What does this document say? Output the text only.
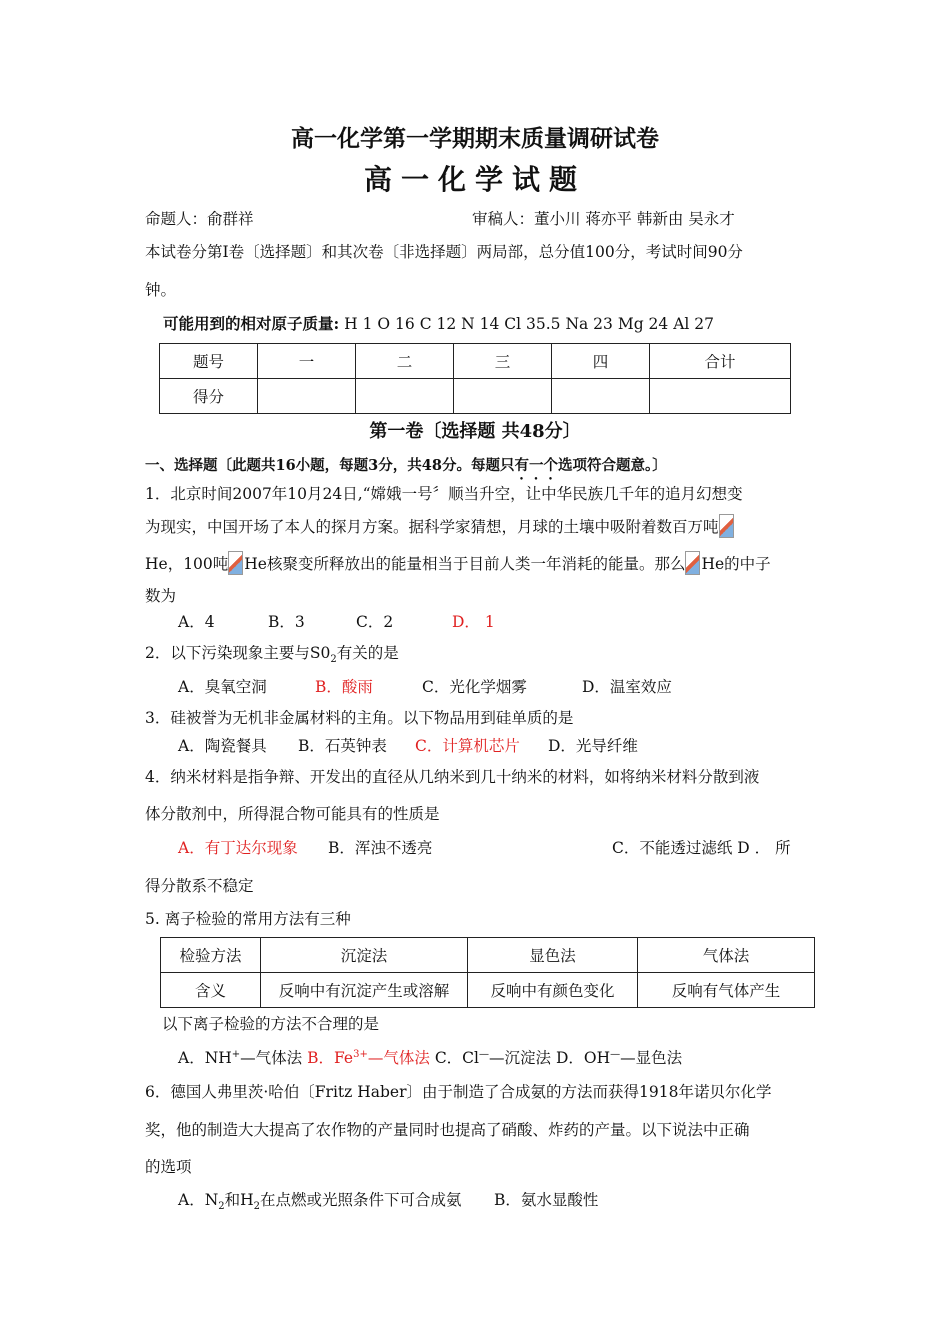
高一化学第一学期期末质量调研试卷
高一化学试题
命题人：俞群祥	审稿人：董小川 蒋亦平 韩新由 吴永才
本试卷分第I卷〔选择题〕和其次卷〔非选择题〕两局部，总分值100分，考试时间90分
钟。
可能用到的相对原子质量: H 1 O 16 C 12 N 14 Cl 35.5 Na 23 Mg 24 Al 27
题号	一	二	三	四	合计
得分					
第一卷〔选择题 共48分〕
一、选择题〔此题共16小题，每题3分，共48分。每题只有一个选项符合题意。〕
1．北京时间2007年10月24日,“嫦娥一号〞顺当升空，让中华民族几千年的追月幻想变
为现实，中国开场了本人的探月方案。据科学家猜想，月球的土壤中吸附着数百万吨
He，100吨 He核聚变所释放出的能量相当于目前人类一年消耗的能量。那么 He的中子
数为
A．4	B．3	C．2	D． 1
2．以下污染现象主要与$S0_2$有关的是
A．臭氧空洞	B．酸雨	C．光化学烟雾	D．温室效应
3．硅被誉为无机非金属材料的主角。以下物品用到硅单质的是
A．陶瓷餐具 B．石英钟表 C．计算机芯片 D．光导纤维
4．纳米材料是指争辩、开发出的直径从几纳米到几十纳米的材料，如将纳米材料分散到液
体分散剂中，所得混合物可能具有的性质是
A．有丁达尔现象 B．浑浊不透亮	C．不能透过滤纸 D ． 所
得分散系不稳定
5. 离子检验的常用方法有三种
检验方法	沉淀法	显色法	气体法
含义	反响中有沉淀产生或溶解	反响中有颜色变化	反响有气体产生
以下离子检验的方法不合理的是
A．NH+—气体法 B．$Fe^{3+}—$气体法 C．Cl——沉淀法 D．OH——显色法
6．德国人弗里茨·哈伯〔Fritz Haber〕由于制造了合成氨的方法而获得1918年诺贝尔化学
奖，他的制造大大提高了农作物的产量同时也提高了硝酸、炸药的产量。以下说法中正确
的选项
A．$N_2$和$H_2$在点燃或光照条件下可合成氨 B．氨水显酸性
